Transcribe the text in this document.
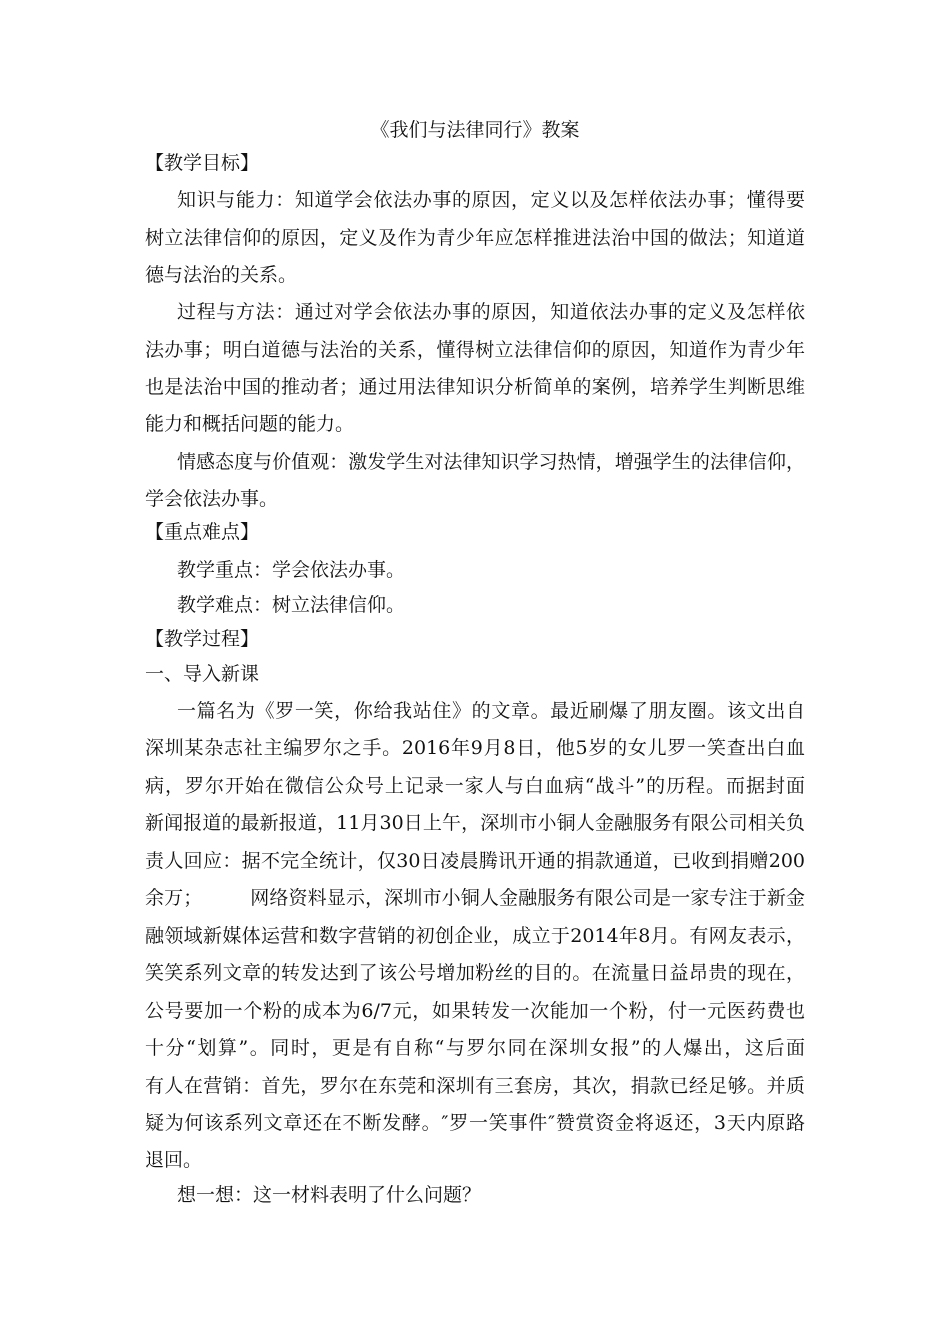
《我们与法律同行》教案
【教学目标】
知识与能力：知道学会依法办事的原因，定义以及怎样依法办事；懂得要
树立法律信仰的原因，定义及作为青少年应怎样推进法治中国的做法；知道道
德与法治的关系。
过程与方法：通过对学会依法办事的原因，知道依法办事的定义及怎样依
法办事；明白道德与法治的关系，懂得树立法律信仰的原因，知道作为青少年
也是法治中国的推动者；通过用法律知识分析简单的案例，培养学生判断思维
能力和概括问题的能力。
情感态度与价值观：激发学生对法律知识学习热情，增强学生的法律信仰，
学会依法办事。
【重点难点】
教学重点：学会依法办事。
教学难点：树立法律信仰。
【教学过程】
一、导入新课
一篇名为《罗一笑，你给我站住》的文章。最近刷爆了朋友圈。该文出自
深圳某杂志社主编罗尔之手。2016年9月8日，他5岁的女儿罗一笑查出白血
病，罗尔开始在微信公众号上记录一家人与白血病“战斗”的历程。而据封面
新闻报道的最新报道，11月30日上午，深圳市小铜人金融服务有限公司相关负
责人回应：据不完全统计，仅30日凌晨腾讯开通的捐款通道，已收到捐赠200
余万；　　　网络资料显示，深圳市小铜人金融服务有限公司是一家专注于新金
融领域新媒体运营和数字营销的初创企业，成立于2014年8月。有网友表示，
笑笑系列文章的转发达到了该公号增加粉丝的目的。在流量日益昂贵的现在，
公号要加一个粉的成本为6/7元，如果转发一次能加一个粉，付一元医药费也
十分“划算”。同时，更是有自称“与罗尔同在深圳女报”的人爆出，这后面
有人在营销：首先，罗尔在东莞和深圳有三套房，其次，捐款已经足够。并质
疑为何该系列文章还在不断发酵。″罗一笑事件″赞赏资金将返还，3天内原路
退回。
想一想：这一材料表明了什么问题？
